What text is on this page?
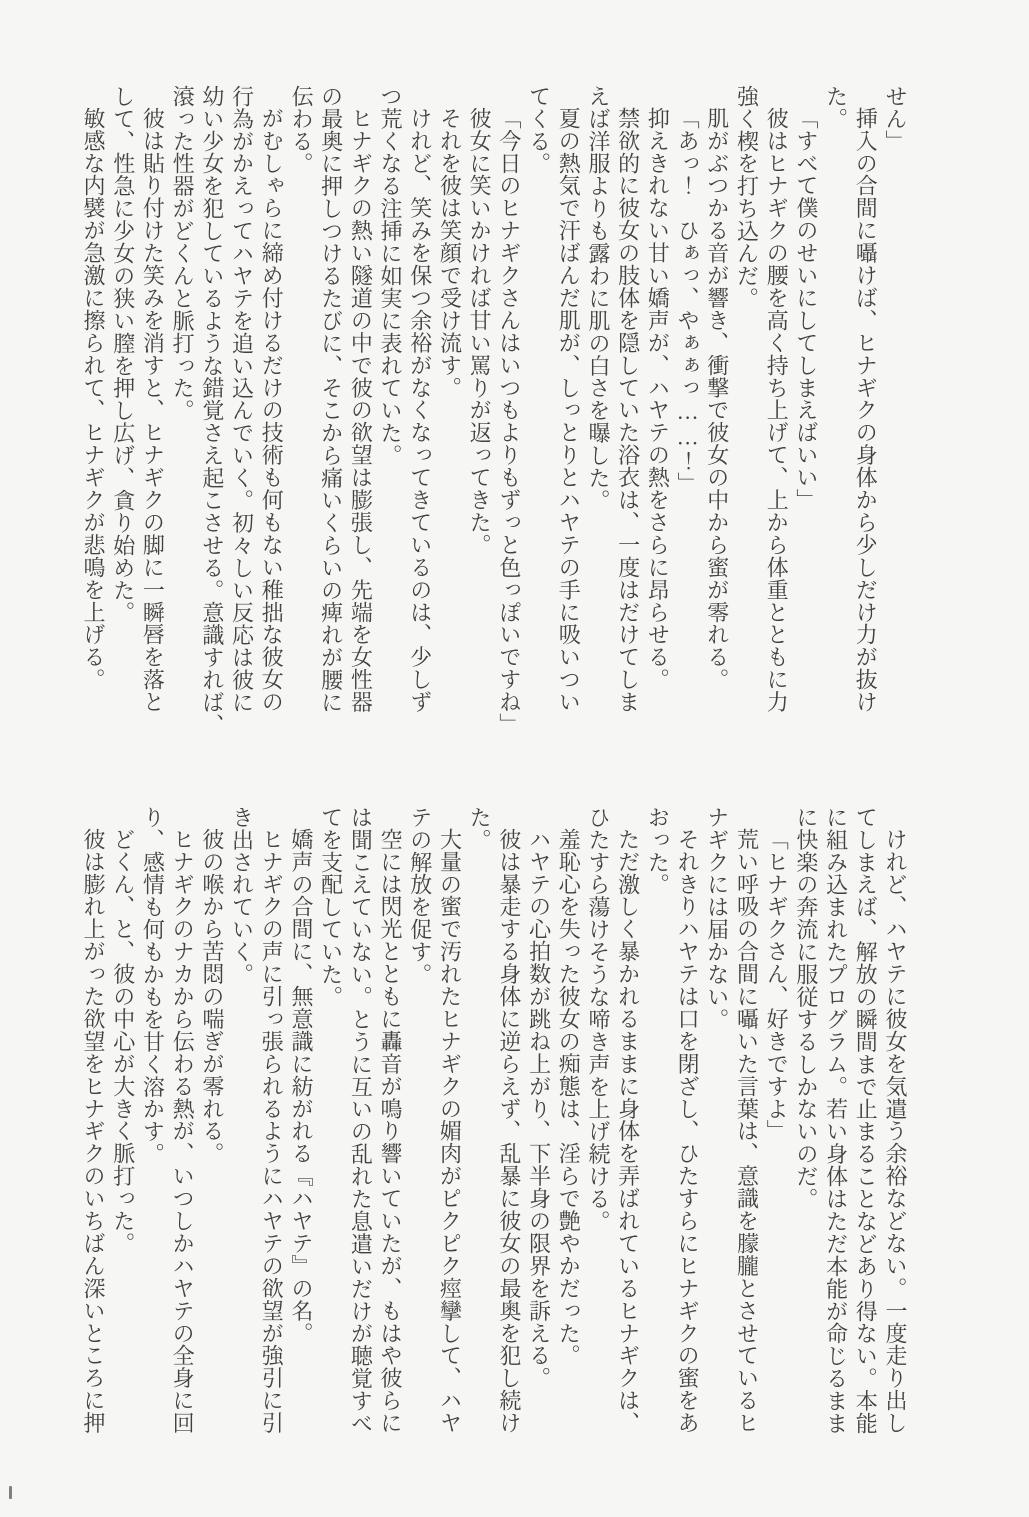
せん」
挿入の合間に囁けば、ヒナギクの身体から少しだけ力が抜け
た。
「すべて僕のせいにしてしまえばいい」
彼はヒナギクの腰を高く持ち上げて、上から体重とともに力
強く楔を打ち込んだ。
肌がぶつかる音が響き、衝撃で彼女の中から蜜が零れる。
「あっ！　ひぁっ、やぁぁっ……！」
抑えきれない甘い嬌声が、ハヤテの熱をさらに昂らせる。
禁欲的に彼女の肢体を隠していた浴衣は、一度はだけてしま
えば洋服よりも露わに肌の白さを曝した。
夏の熱気で汗ばんだ肌が、しっとりとハヤテの手に吸いつい
てくる。
「今日のヒナギクさんはいつもよりもずっと色っぽいですね」
彼女に笑いかければ甘い罵りが返ってきた。
それを彼は笑顔で受け流す。
けれど、笑みを保つ余裕がなくなってきているのは、少しず
つ荒くなる注挿に如実に表れていた。
ヒナギクの熱い隧道の中で彼の欲望は膨張し、先端を女性器
の最奥に押しつけるたびに、そこから痛いくらいの痺れが腰に
伝わる。
がむしゃらに締め付けるだけの技術も何もない稚拙な彼女の
行為がかえってハヤテを追い込んでいく。初々しい反応は彼に
幼い少女を犯しているような錯覚さえ起こさせる。意識すれば、
滾った性器がどくんと脈打った。
彼は貼り付けた笑みを消すと、ヒナギクの脚に一瞬唇を落と
して、性急に少女の狭い膣を押し広げ、貪り始めた。
敏感な内襞が急激に擦られて、ヒナギクが悲鳴を上げる。
けれど、ハヤテに彼女を気遣う余裕などない。一度走り出し
てしまえば、解放の瞬間まで止まることなどあり得ない。本能
に組み込まれたプログラム。若い身体はただ本能が命じるまま
に快楽の奔流に服従するしかないのだ。
「ヒナギクさん、好きですよ」
荒い呼吸の合間に囁いた言葉は、意識を朦朧とさせているヒ
ナギクには届かない。
それきりハヤテは口を閉ざし、ひたすらにヒナギクの蜜をあ
おった。
ただ激しく暴かれるままに身体を弄ばれているヒナギクは、
ひたすら蕩けそうな啼き声を上げ続ける。
羞恥心を失った彼女の痴態は、淫らで艶やかだった。
ハヤテの心拍数が跳ね上がり、下半身の限界を訴える。
彼は暴走する身体に逆らえず、乱暴に彼女の最奥を犯し続け
た。
大量の蜜で汚れたヒナギクの媚肉がピクピク痙攣して、ハヤ
テの解放を促す。
空には閃光とともに轟音が鳴り響いていたが、もはや彼らに
は聞こえていない。とうに互いの乱れた息遣いだけが聴覚すべ
てを支配していた。
嬌声の合間に、無意識に紡がれる『ハヤテ』の名。
ヒナギクの声に引っ張られるようにハヤテの欲望が強引に引
き出されていく。
彼の喉から苦悶の喘ぎが零れる。
ヒナギクのナカから伝わる熱が、いつしかハヤテの全身に回
り、感情も何もかもを甘く溶かす。
どくん、と、彼の中心が大きく脈打った。
彼は膨れ上がった欲望をヒナギクのいちばん深いところに押
